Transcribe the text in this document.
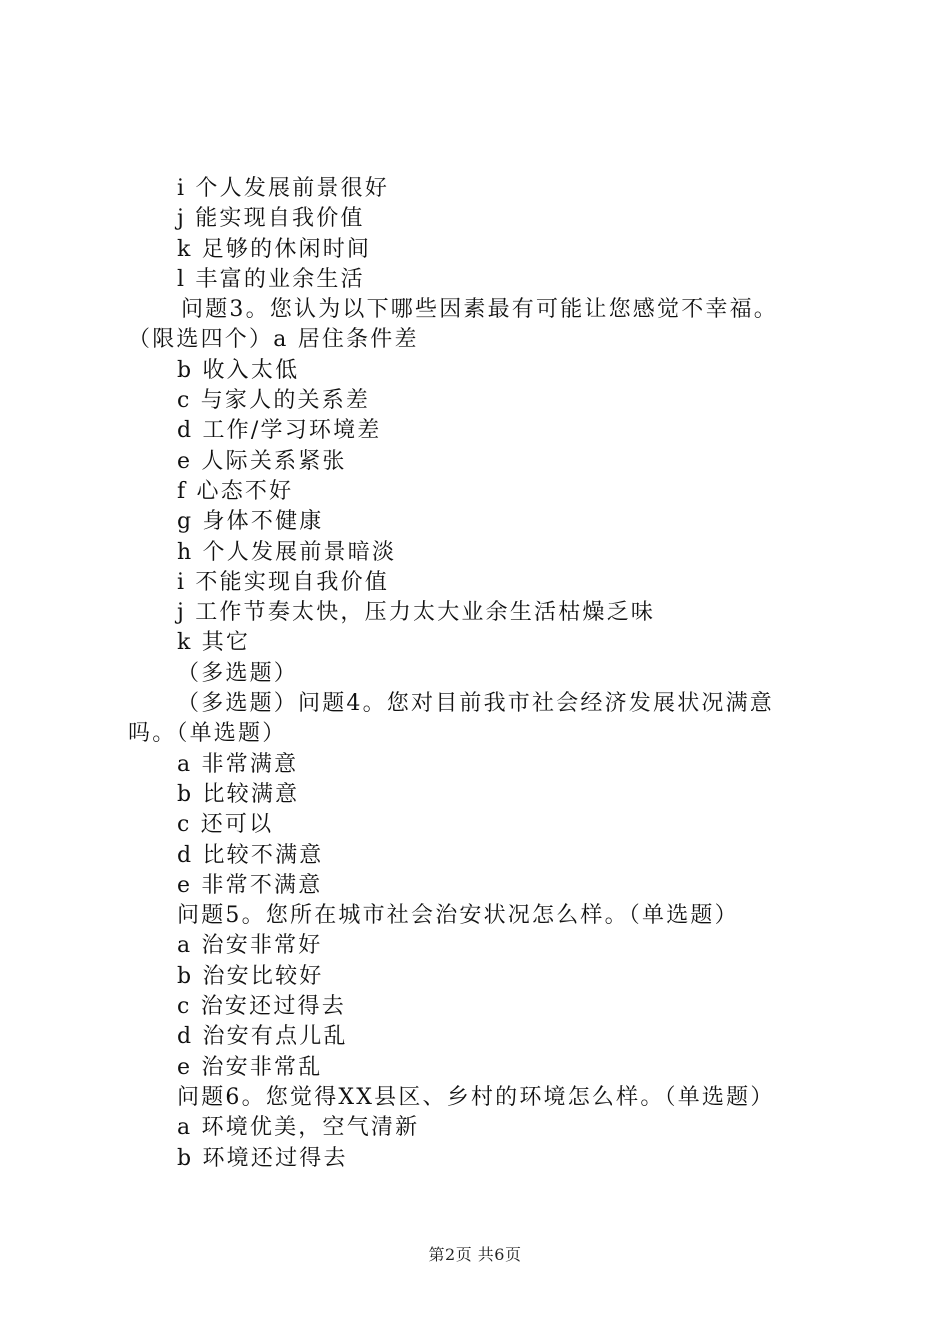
i 个人发展前景很好
j 能实现自我价值
k 足够的休闲时间
l 丰富的业余生活
问题3。您认为以下哪些因素最有可能让您感觉不幸福。
（限选四个）a 居住条件差
b 收入太低
c 与家人的关系差
d 工作/学习环境差
e 人际关系紧张
f 心态不好
g 身体不健康
h 个人发展前景暗淡
i 不能实现自我价值
j 工作节奏太快，压力太大业余生活枯燥乏味
k 其它
（多选题）
（多选题）问题4。您对目前我市社会经济发展状况满意
吗。（单选题）
a 非常满意
b 比较满意
c 还可以
d 比较不满意
e 非常不满意
问题5。您所在城市社会治安状况怎么样。（单选题）
a 治安非常好
b 治安比较好
c 治安还过得去
d 治安有点儿乱
e 治安非常乱
问题6。您觉得XX县区、乡村的环境怎么样。（单选题）
a 环境优美，空气清新
b 环境还过得去
第2页 共6页
